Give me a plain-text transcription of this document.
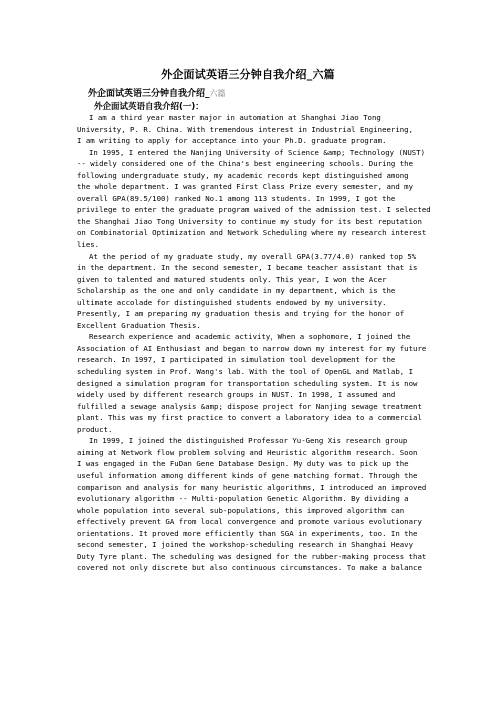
外企面试英语三分钟自我介绍_六篇
外企面试英语三分钟自我介绍_六篇
外企面试英语自我介绍(一)：
I am a third year master major in automation at Shanghai Jiao Tong
University, P. R. China. With tremendous interest in Industrial Engineering,
I am writing to apply for acceptance into your Ph.D. graduate program.
In 1995, I entered the Nanjing University of Science &amp; Technology (NUST)
-- widely considered one of the China's best engineering schools. During the
following undergraduate study, my academic records kept distinguished among
the whole department. I was granted First Class Prize every semester, and my
overall GPA(89.5/100) ranked No.1 among 113 students. In 1999, I got the
privilege to enter the graduate program waived of the admission test. I selected
the Shanghai Jiao Tong University to continue my study for its best reputation
on Combinatorial Optimization and Network Scheduling where my research interest
lies.
At the period of my graduate study, my overall GPA(3.77/4.0) ranked top 5%
in the department. In the second semester, I became teacher assistant that is
given to talented and matured students only. This year, I won the Acer
Scholarship as the one and only candidate in my department, which is the
ultimate accolade for distinguished students endowed by my university.
Presently, I am preparing my graduation thesis and trying for the honor of
Excellent Graduation Thesis.
Research experience and academic activity，When a sophomore, I joined the
Association of AI Enthusiast and began to narrow down my interest for my future
research. In 1997, I participated in simulation tool development for the
scheduling system in Prof. Wang's lab. With the tool of OpenGL and Matlab, I
designed a simulation program for transportation scheduling system. It is now
widely used by different research groups in NUST. In 1998, I assumed and
fulfilled a sewage analysis &amp; dispose project for Nanjing sewage treatment
plant. This was my first practice to convert a laboratory idea to a commercial
product.
In 1999, I joined the distinguished Professor Yu-Geng Xis research group
aiming at Network flow problem solving and Heuristic algorithm research. Soon
I was engaged in the FuDan Gene Database Design. My duty was to pick up the
useful information among different kinds of gene matching format. Through the
comparison and analysis for many heuristic algorithms, I introduced an improved
evolutionary algorithm -- Multi-population Genetic Algorithm. By dividing a
whole population into several sub-populations, this improved algorithm can
effectively prevent GA from local convergence and promote various evolutionary
orientations. It proved more efficiently than SGA in experiments, too. In the
second semester, I joined the workshop-scheduling research in Shanghai Heavy
Duty Tyre plant. The scheduling was designed for the rubber-making process that
covered not only discrete but also continuous circumstances. To make a balance
